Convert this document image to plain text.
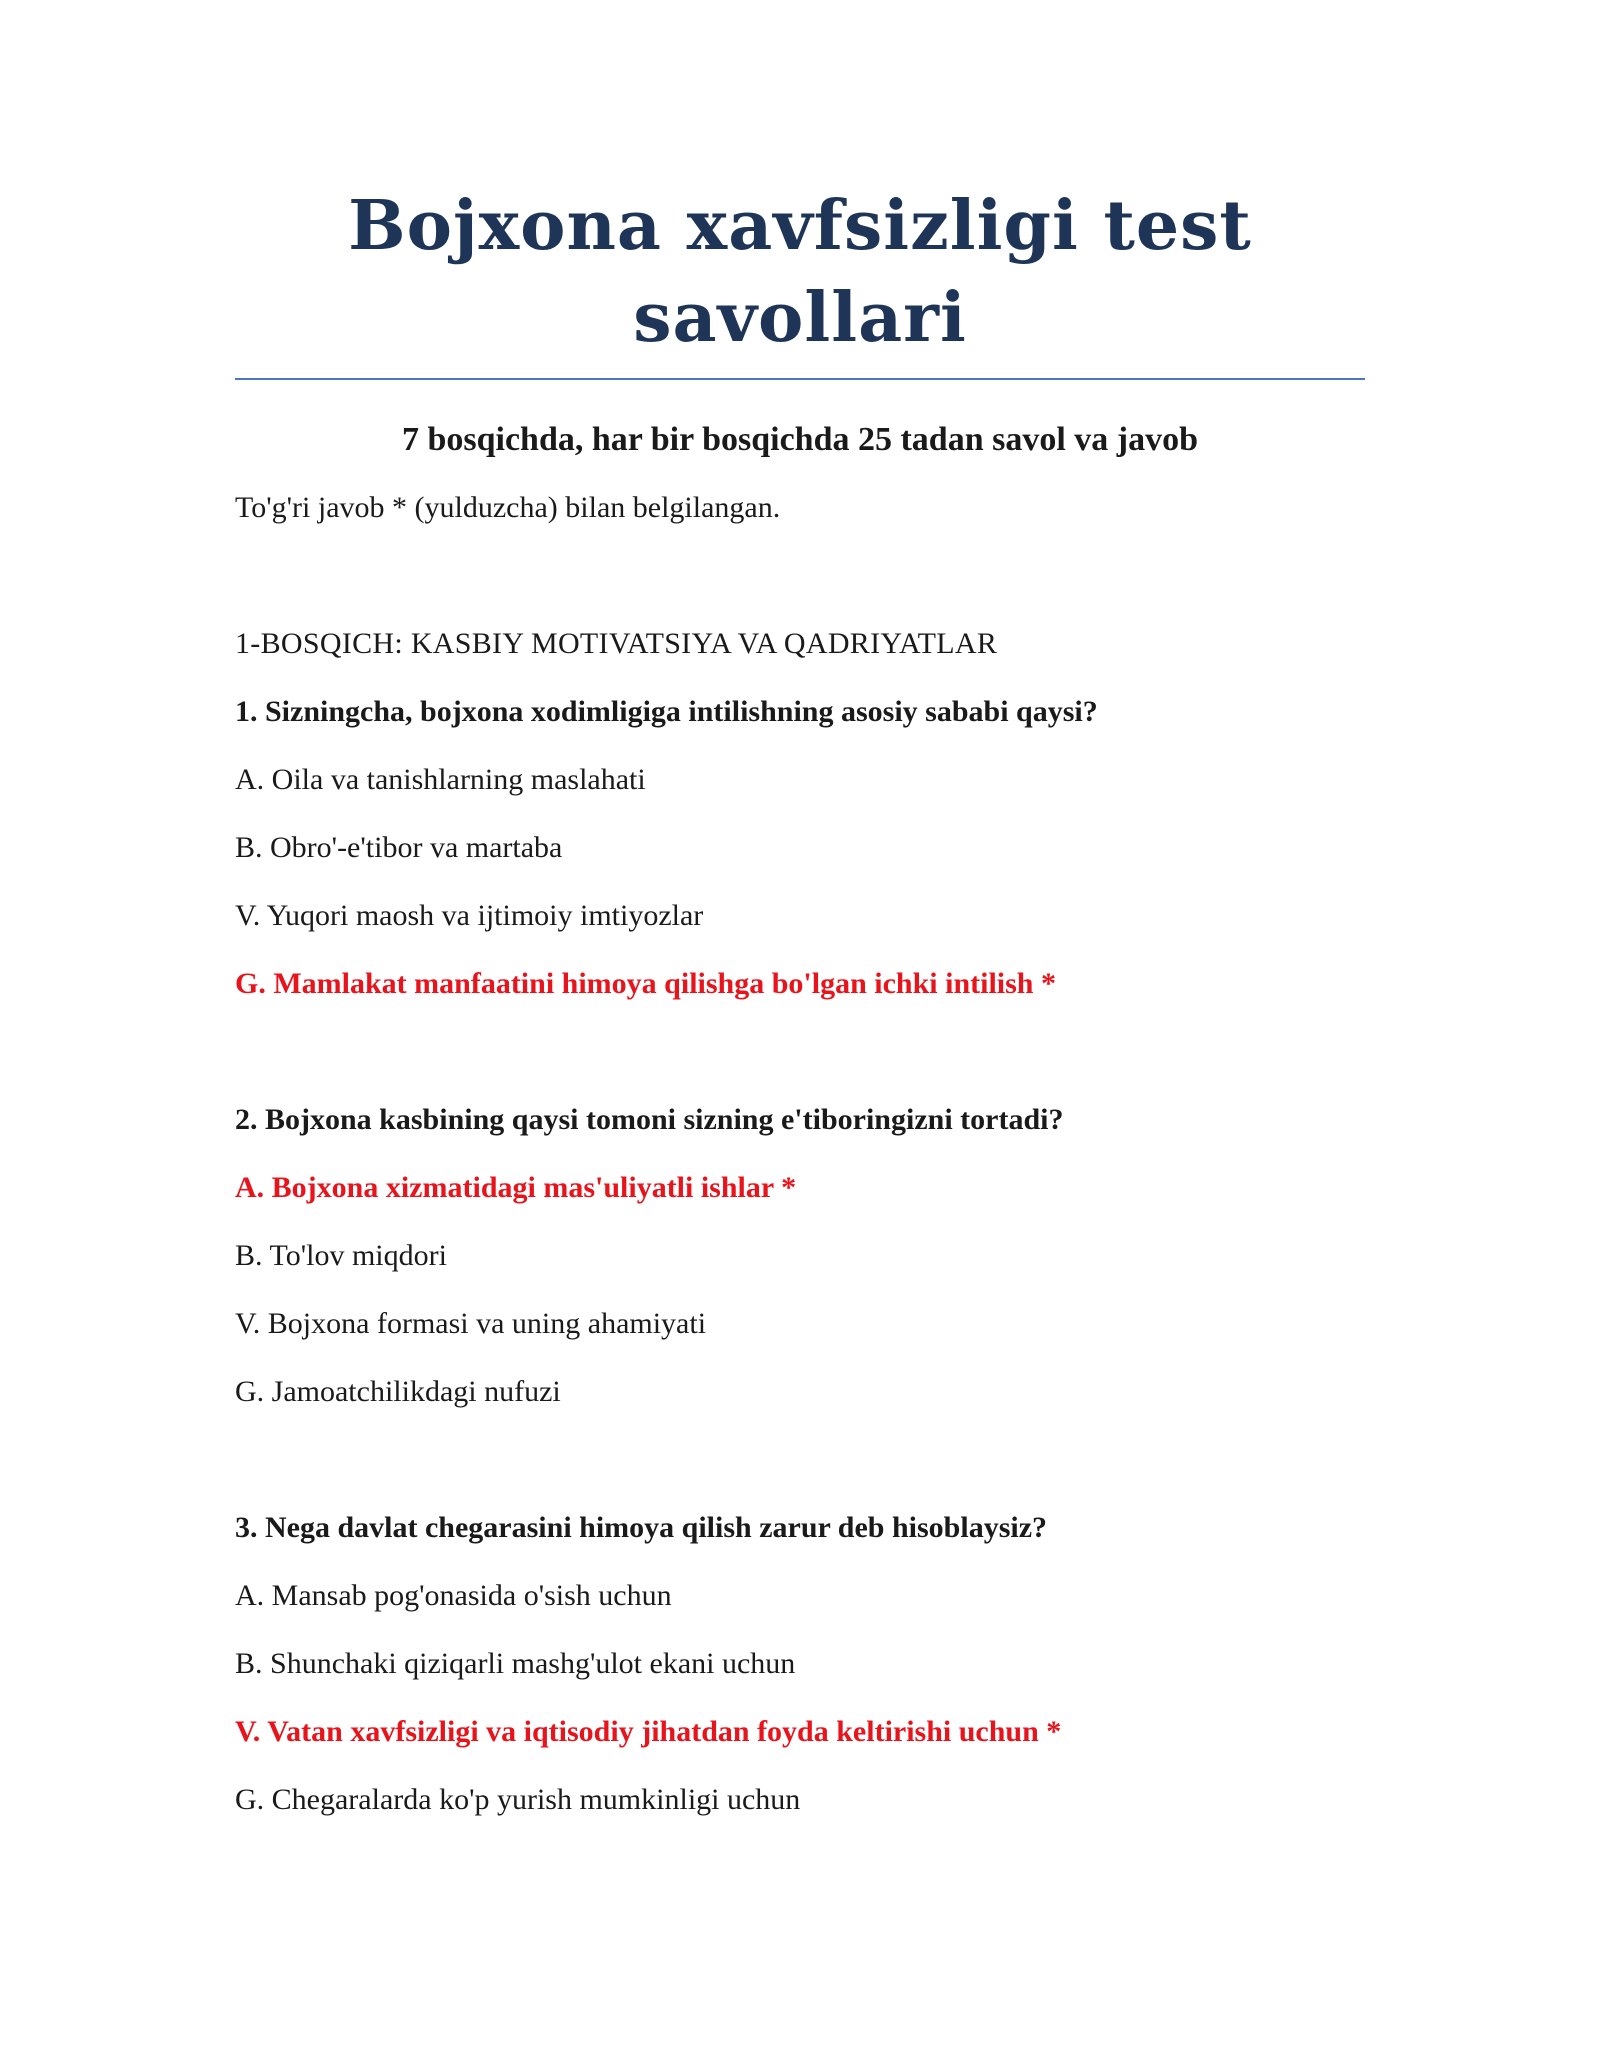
Bojxona xavfsizligi test savollari
7 bosqichda, har bir bosqichda 25 tadan savol va javob
To'g'ri javob * (yulduzcha) bilan belgilangan.
1-BOSQICH: KASBIY MOTIVATSIYA VA QADRIYATLAR
1. Sizningcha, bojxona xodimligiga intilishning asosiy sababi qaysi?
A. Oila va tanishlarning maslahati
B. Obro'-e'tibor va martaba
V. Yuqori maosh va ijtimoiy imtiyozlar
G. Mamlakat manfaatini himoya qilishga bo'lgan ichki intilish *
2. Bojxona kasbining qaysi tomoni sizning e'tiboringizni tortadi?
A. Bojxona xizmatidagi mas'uliyatli ishlar *
B. To'lov miqdori
V. Bojxona formasi va uning ahamiyati
G. Jamoatchilikdagi nufuzi
3. Nega davlat chegarasini himoya qilish zarur deb hisoblaysiz?
A. Mansab pog'onasida o'sish uchun
B. Shunchaki qiziqarli mashg'ulot ekani uchun
V. Vatan xavfsizligi va iqtisodiy jihatdan foyda keltirishi uchun *
G. Chegaralarda ko'p yurish mumkinligi uchun
